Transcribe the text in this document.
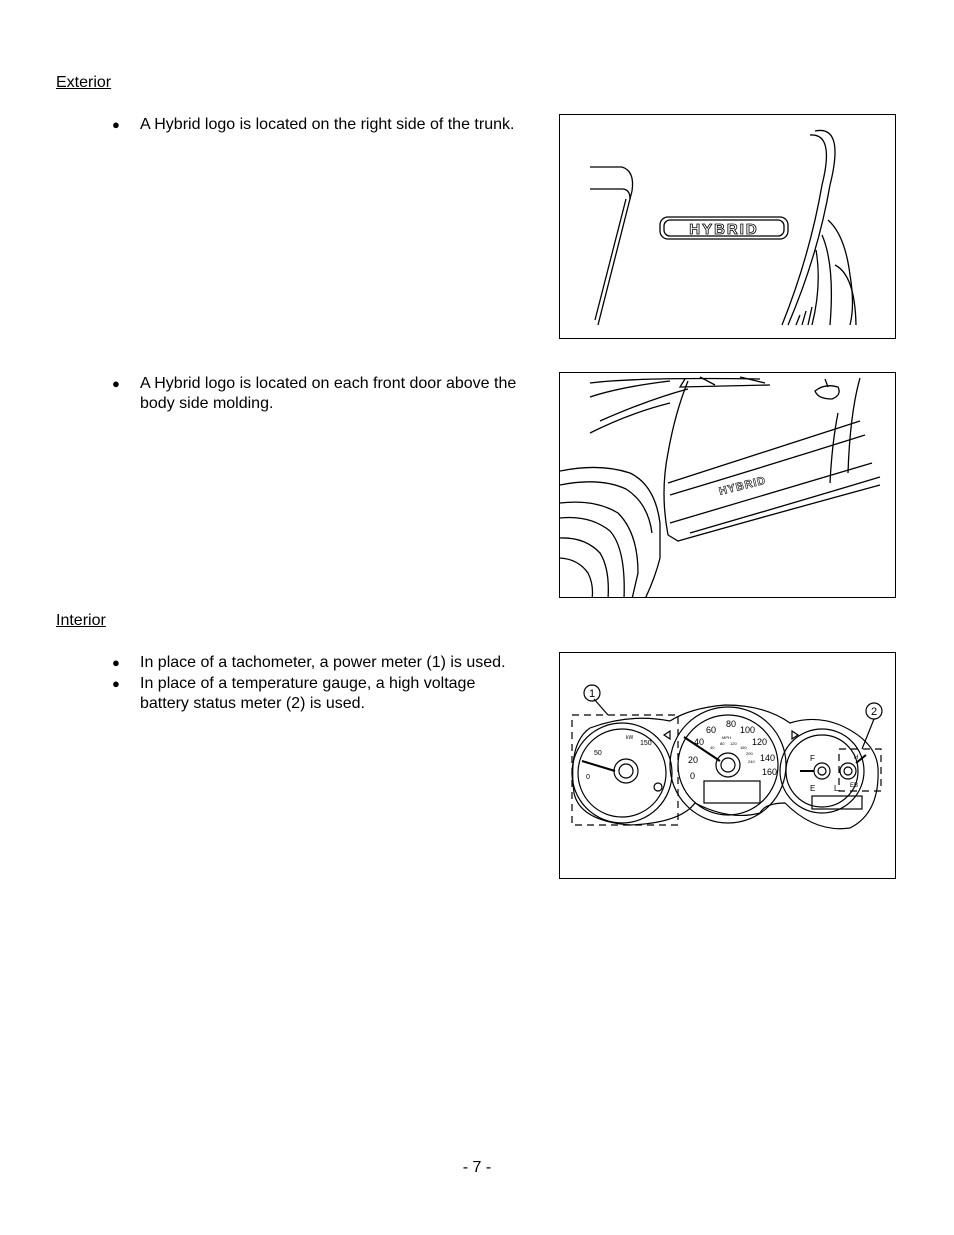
Exterior
● A Hybrid logo is located on the right side of the trunk.
HYBRID
● A Hybrid logo is located on each front door above the
body side molding.
HYBRID
Interior
● In place of a tachometer, a power meter (1) is used.
● In place of a temperature gauge, a high voltage
battery status meter (2) is used.
1
2
kW
0
50
150
0
20
40
60
80
100
120
140
160
MPH
40
80 120
160
200
240	F
E
H
L EB
- 7 -
